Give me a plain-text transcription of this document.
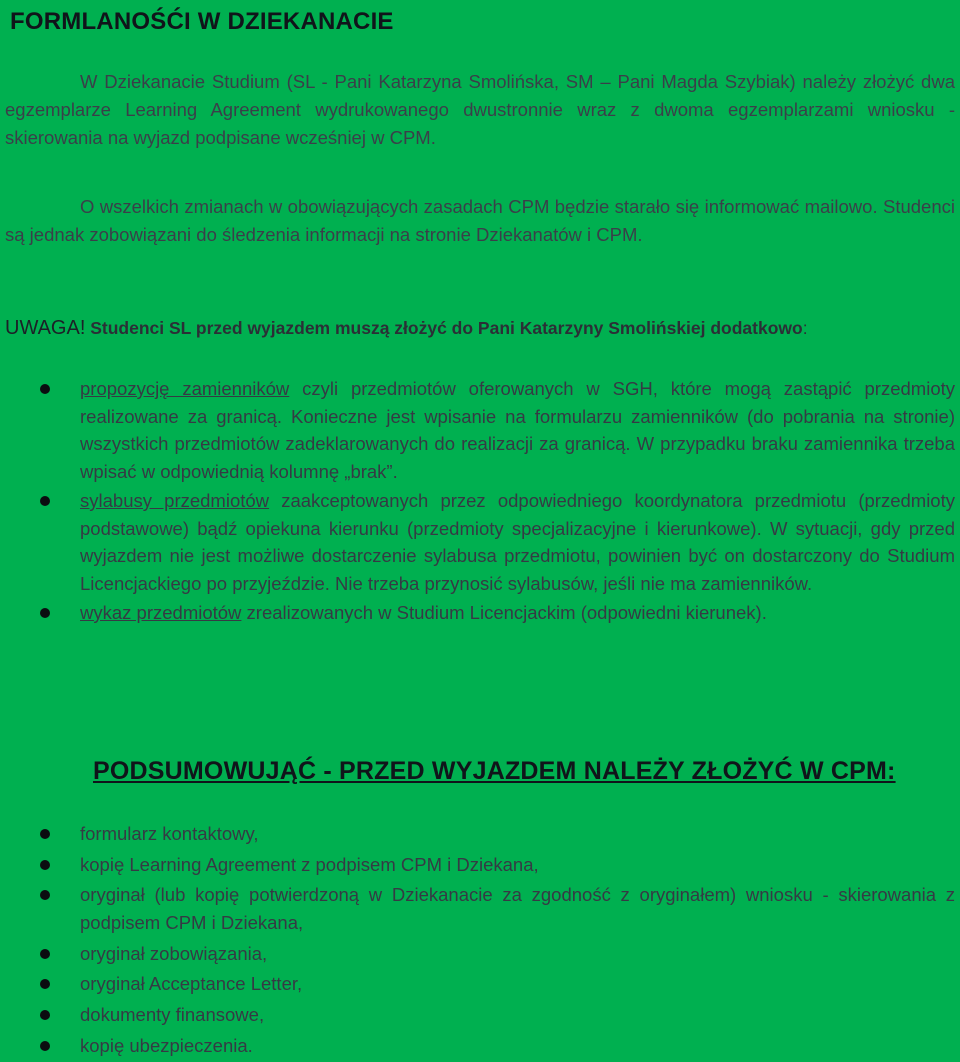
FORMLANOŚĆI W DZIEKANACIE
W Dziekanacie Studium (SL - Pani Katarzyna Smolińska, SM – Pani Magda Szybiak) należy złożyć dwa egzemplarze Learning Agreement wydrukowanego dwustronnie wraz z dwoma egzemplarzami wniosku - skierowania na wyjazd podpisane wcześniej w CPM.
O wszelkich zmianach w obowiązujących zasadach CPM będzie starało się informować mailowo. Studenci są jednak zobowiązani do śledzenia informacji na stronie Dziekanatów i CPM.
UWAGA! Studenci SL przed wyjazdem muszą złożyć do Pani Katarzyny Smolińskiej dodatkowo:
propozycję zamienników czyli przedmiotów oferowanych w SGH, które mogą zastąpić przedmioty realizowane za granicą. Konieczne jest wpisanie na formularzu zamienników (do pobrania na stronie) wszystkich przedmiotów zadeklarowanych do realizacji za granicą. W przypadku braku zamiennika trzeba wpisać w odpowiednią kolumnę „brak”.
sylabusy przedmiotów zaakceptowanych przez odpowiedniego koordynatora przedmiotu (przedmioty podstawowe) bądź opiekuna kierunku (przedmioty specjalizacyjne i kierunkowe). W sytuacji, gdy przed wyjazdem nie jest możliwe dostarczenie sylabusa przedmiotu, powinien być on dostarczony do Studium Licencjackiego po przyjeździe. Nie trzeba przynosić sylabusów, jeśli nie ma zamienników.
wykaz przedmiotów zrealizowanych w Studium Licencjackim (odpowiedni kierunek).
PODSUMOWUJĄĆ - PRZED WYJAZDEM NALEŻY ZŁOŻYĆ W CPM:
formularz kontaktowy,
kopię Learning Agreement z podpisem CPM i Dziekana,
oryginał (lub kopię potwierdzoną w Dziekanacie za zgodność z oryginałem) wniosku - skierowania z podpisem CPM i Dziekana,
oryginał zobowiązania,
oryginał Acceptance Letter,
dokumenty finansowe,
kopię ubezpieczenia.
